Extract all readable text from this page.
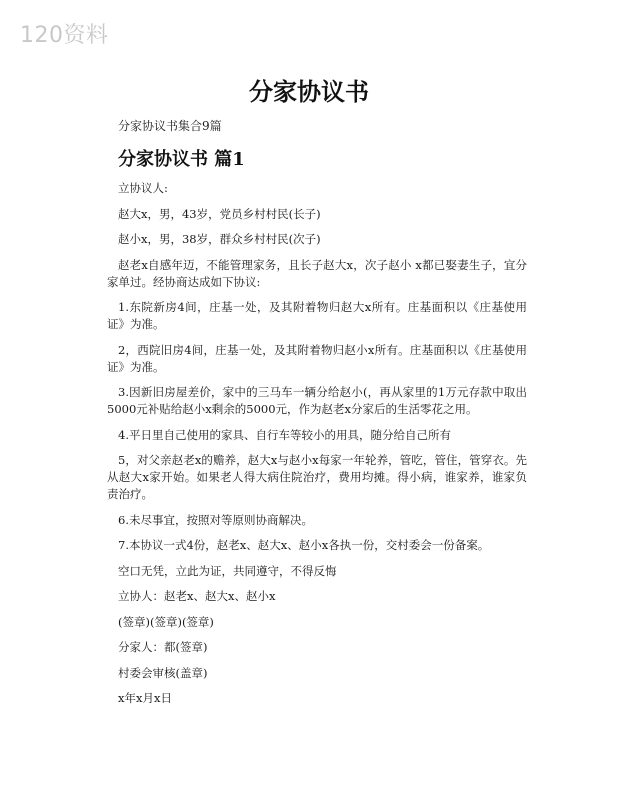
120资料
分家协议书
分家协议书集合9篇
分家协议书 篇1

立协议人:

赵大x，男，43岁，党员乡村村民(长子)

赵小x，男，38岁，群众乡村村民(次子)

赵老x自感年迈，不能管理家务，且长子赵大x，次子赵小 x都已娶妻生子，宜分家单过。经协商达成如下协议:

1.东院新房4间，庄基一处，及其附着物归赵大x所有。庄基面积以《庄基使用证》为准。

2，西院旧房4间，庄基一处，及其附着物归赵小x所有。庄基面积以《庄基使用证》为准。

3.因新旧房屋差价，家中的三马车一辆分给赵小(，再从家里的1万元存款中取出5000元补贴给赵小x剩余的5000元，作为赵老x分家后的生活零花之用。

4.平日里自己使用的家具、自行车等较小的用具，随分给自己所有

5，对父亲赵老x的赡养，赵大x与赵小x每家一年轮养，管吃，管住，管穿衣。先从赵大x家开始。如果老人得大病住院治疗，费用均摊。得小病，谁家养，谁家负责治疗。

6.未尽事宜，按照对等原则协商解决。

7.本协议一式4份，赵老x、赵大x、赵小x各执一份，交村委会一份备案。

空口无凭，立此为证，共同遵守，不得反悔

立协人：赵老x、赵大x、赵小x

(签章)(签章)(签章)

分家人：都(签章)

村委会审核(盖章)

x年x月x日
